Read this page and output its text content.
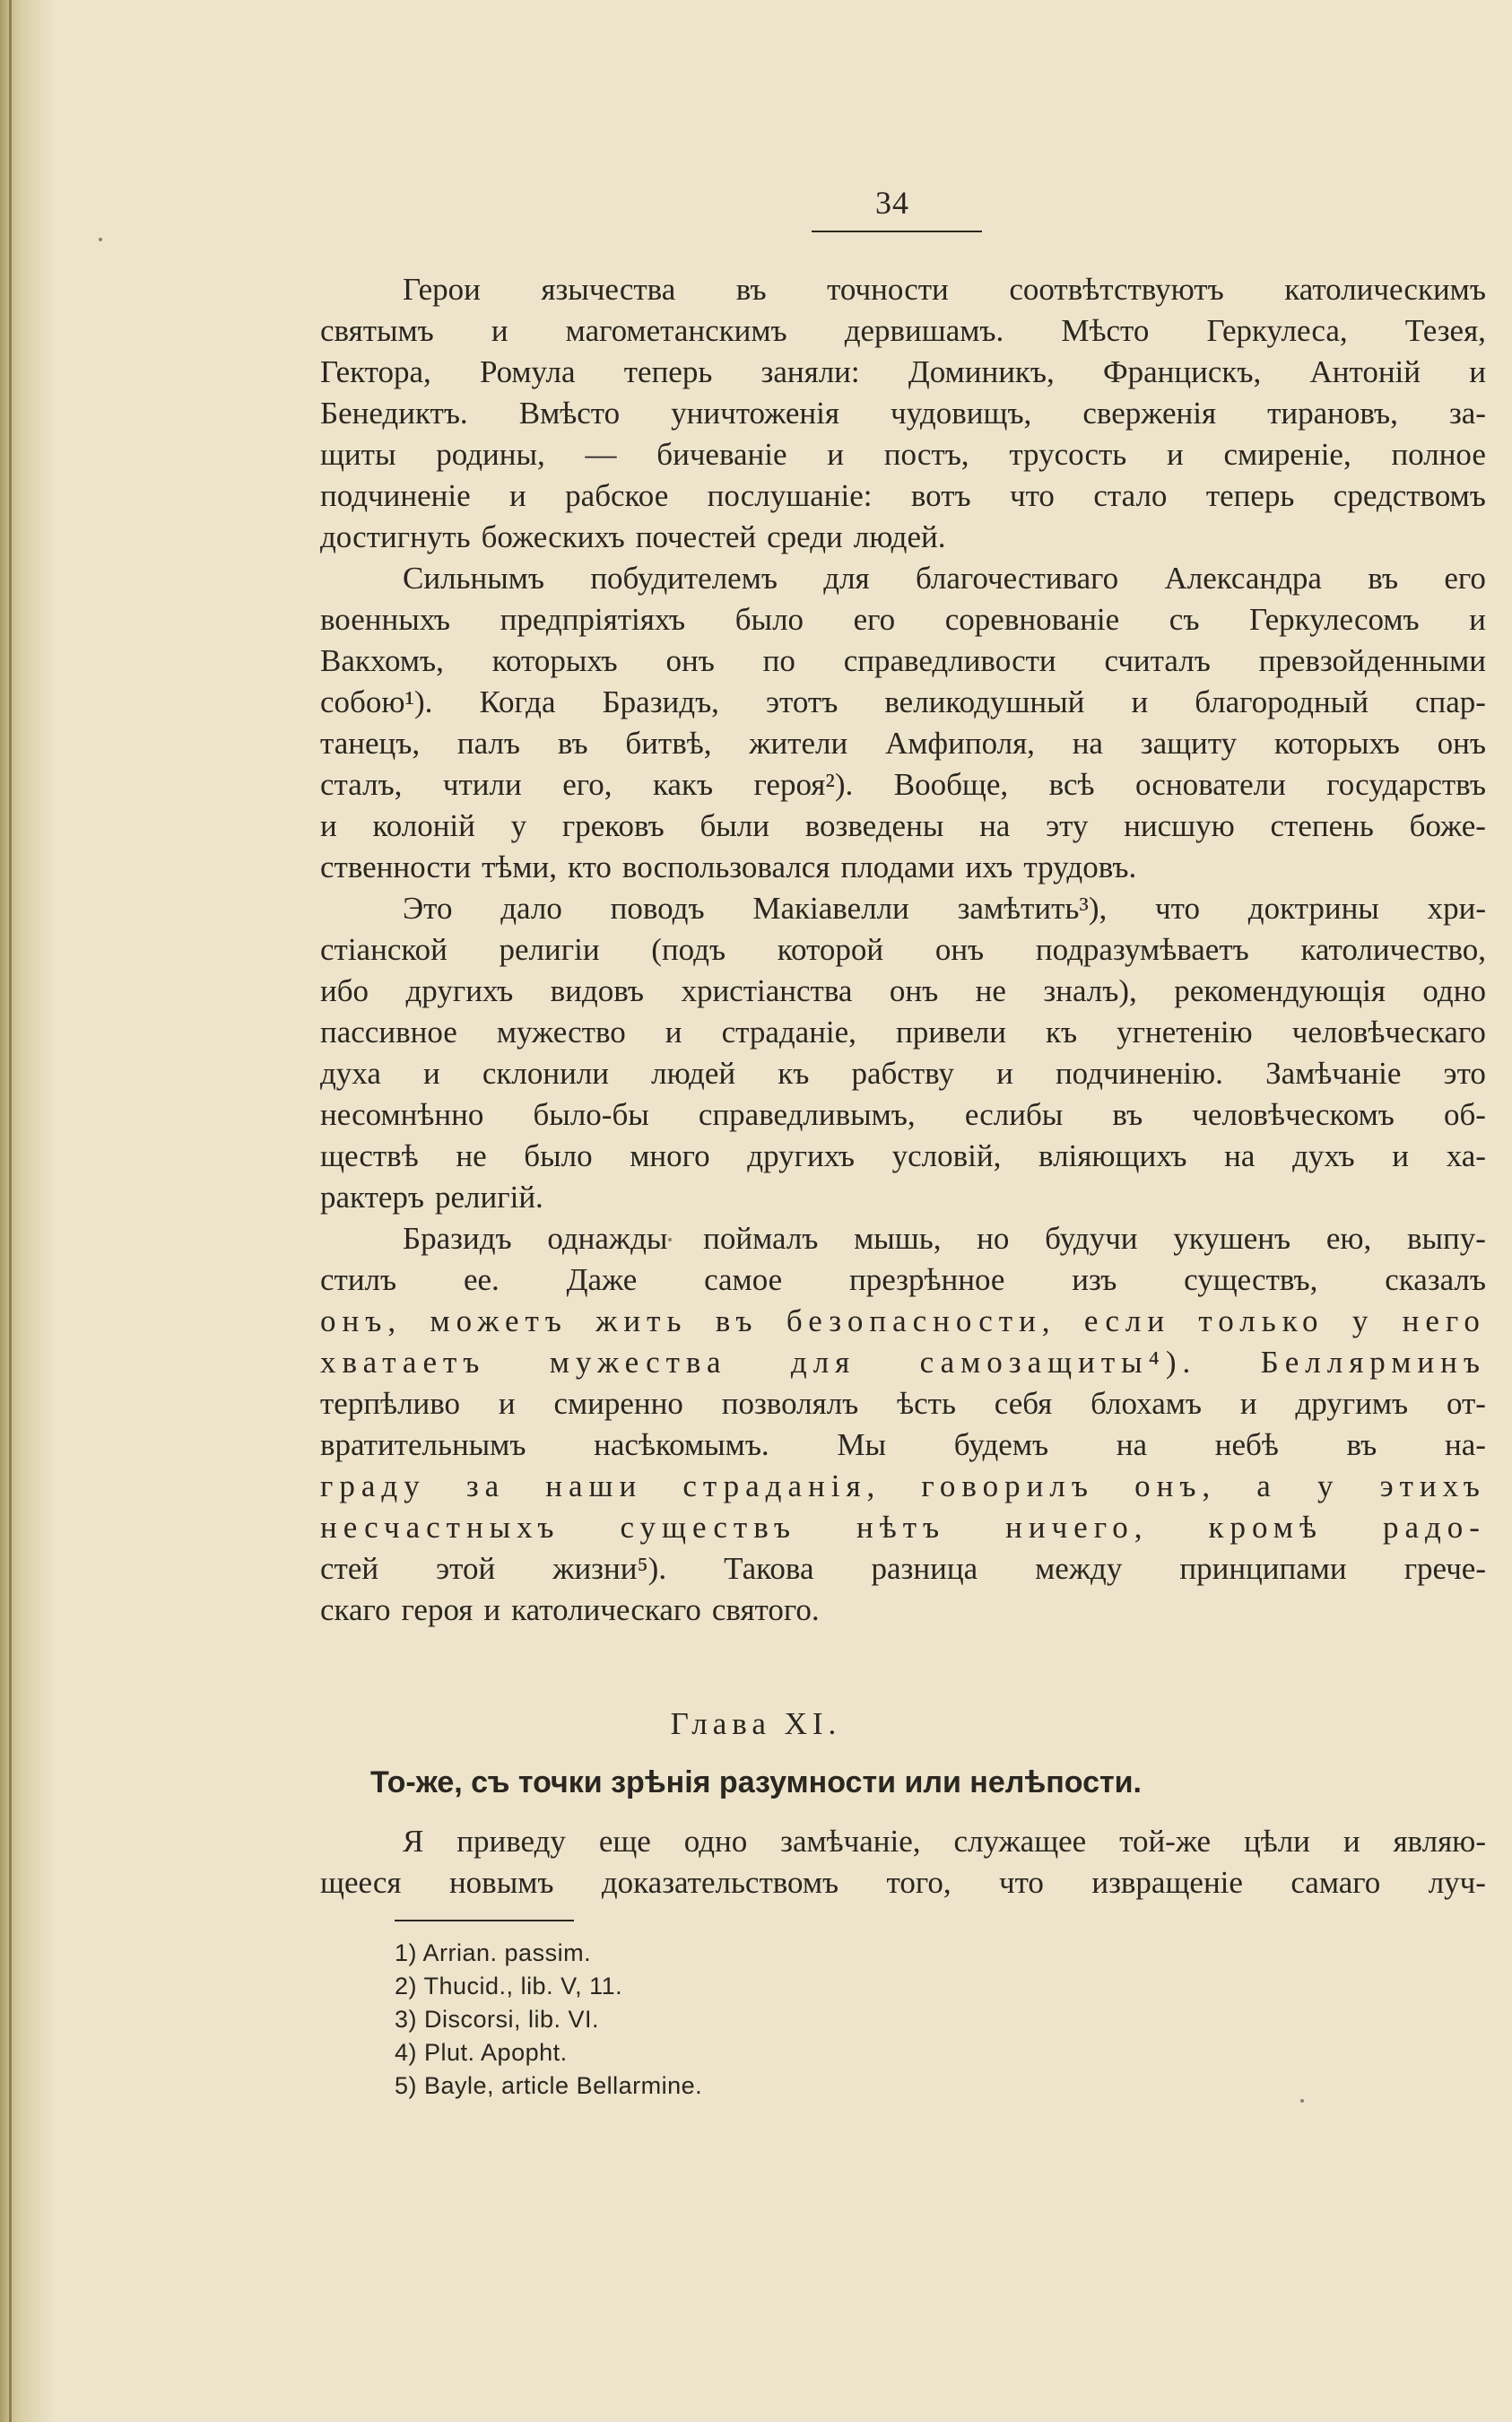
34
Герои язычества въ точности соотвѣтствуютъ католическимъ
святымъ и магометанскимъ дервишамъ. Мѣсто Геркулеса, Тезея,
Гектора, Ромула теперь заняли: Доминикъ, Францискъ, Антоній и
Бенедиктъ. Вмѣсто уничтоженія чудовищъ, сверженія тирановъ, за-
щиты родины, — бичеваніе и постъ, трусость и смиреніе, полное
подчиненіе и рабское послушаніе: вотъ что стало теперь средствомъ
достигнуть божескихъ почестей среди людей.
Сильнымъ побудителемъ для благочестиваго Александра въ его
военныхъ предпріятіяхъ было его соревнованіе съ Геркулесомъ и
Вакхомъ, которыхъ онъ по справедливости считалъ превзойденными
собою¹). Когда Бразидъ, этотъ великодушный и благородный спар-
танецъ, палъ въ битвѣ, жители Амфиполя, на защиту которыхъ онъ
сталъ, чтили его, какъ героя²). Вообще, всѣ основатели государствъ
и колоній у грековъ были возведены на эту нисшую степень боже-
ственности тѣми, кто воспользовался плодами ихъ трудовъ.
Это дало поводъ Макіавелли замѣтить³), что доктрины хри-
стіанской религіи (подъ которой онъ подразумѣваетъ католичество,
ибо другихъ видовъ христіанства онъ не зналъ), рекомендующія одно
пассивное мужество и страданіе, привели къ угнетенію человѣческаго
духа и склонили людей къ рабству и подчиненію. Замѣчаніе это
несомнѣнно было-бы справедливымъ, еслибы въ человѣческомъ об-
ществѣ не было много другихъ условій, вліяющихъ на духъ и ха-
рактеръ религій.
Бразидъ однажды поймалъ мышь, но будучи укушенъ ею, выпу-
стилъ ее. Даже самое презрѣнное изъ существъ, сказалъ
онъ, можетъ жить въ безопасности, если только у него
хватаетъ мужества для самозащиты⁴). Беллярминъ
терпѣливо и смиренно позволялъ ѣсть себя блохамъ и другимъ от-
вратительнымъ насѣкомымъ. Мы будемъ на небѣ въ на-
граду за наши страданія, говорилъ онъ, а у этихъ
несчастныхъ существъ нѣтъ ничего, кромѣ радо-
стей этой жизни⁵). Такова разница между принципами грече-
скаго героя и католическаго святого.
Глава XI.
То-же, съ точки зрѣнія разумности или нелѣпости.
Я приведу еще одно замѣчаніе, служащее той-же цѣли и являю-
щееся новымъ доказательствомъ того, что извращеніе самаго луч-
1) Arrian. passim.
2) Thucid., lib. V, 11.
3) Discorsi, lib. VI.
4) Plut. Apopht.
5) Bayle, article Bellarmine.
